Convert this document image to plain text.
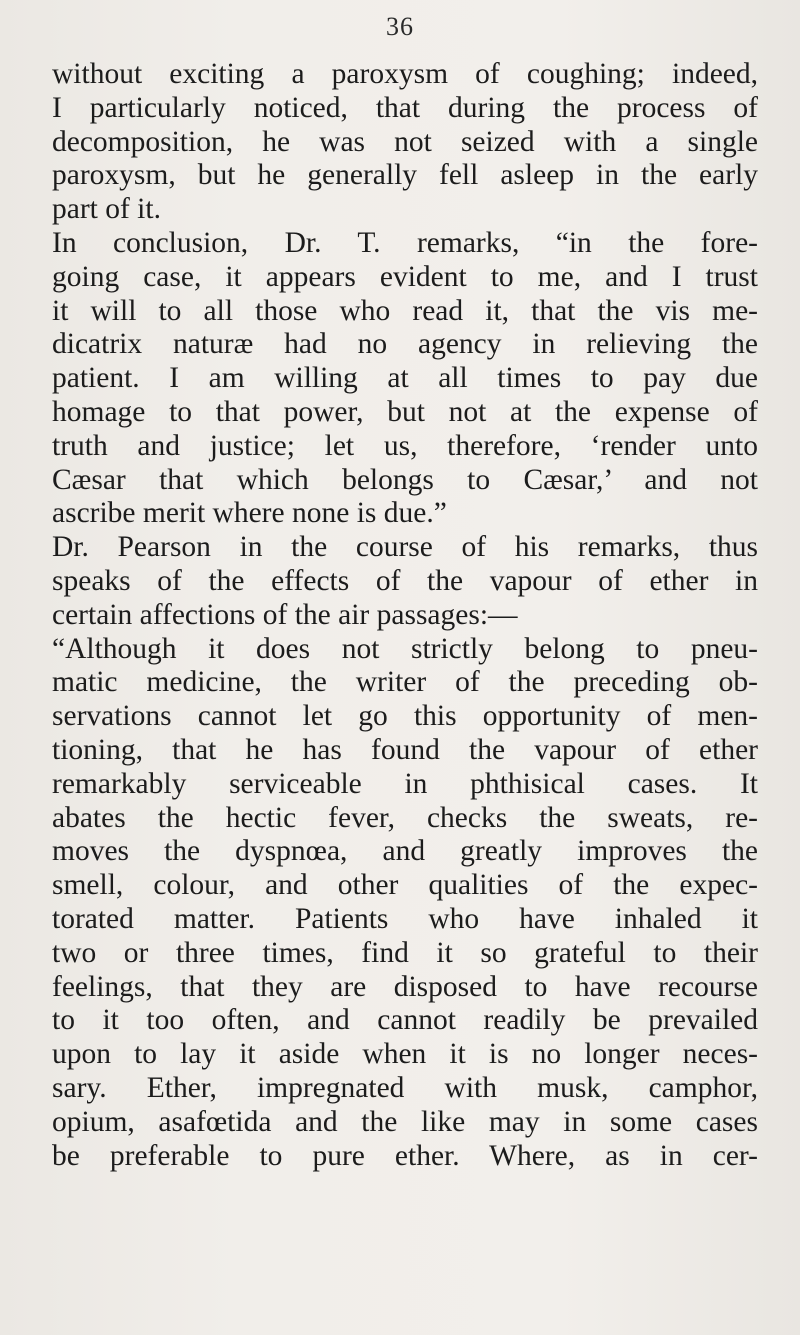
36
without exciting a paroxysm of coughing; indeed,
I particularly noticed, that during the process of
decomposition, he was not seized with a single
paroxysm, but he generally fell asleep in the early
part of it.
In conclusion, Dr. T. remarks, “in the fore-
going case, it appears evident to me, and I trust
it will to all those who read it, that the vis me-
dicatrix naturæ had no agency in relieving the
patient. I am willing at all times to pay due
homage to that power, but not at the expense of
truth and justice; let us, therefore, ‘render unto
Cæsar that which belongs to Cæsar,’ and not
ascribe merit where none is due.”
Dr. Pearson in the course of his remarks, thus
speaks of the effects of the vapour of ether in
certain affections of the air passages:—
“Although it does not strictly belong to pneu-
matic medicine, the writer of the preceding ob-
servations cannot let go this opportunity of men-
tioning, that he has found the vapour of ether
remarkably serviceable in phthisical cases. It
abates the hectic fever, checks the sweats, re-
moves the dyspnœa, and greatly improves the
smell, colour, and other qualities of the expec-
torated matter. Patients who have inhaled it
two or three times, find it so grateful to their
feelings, that they are disposed to have recourse
to it too often, and cannot readily be prevailed
upon to lay it aside when it is no longer neces-
sary. Ether, impregnated with musk, camphor,
opium, asafœtida and the like may in some cases
be preferable to pure ether. Where, as in cer-
